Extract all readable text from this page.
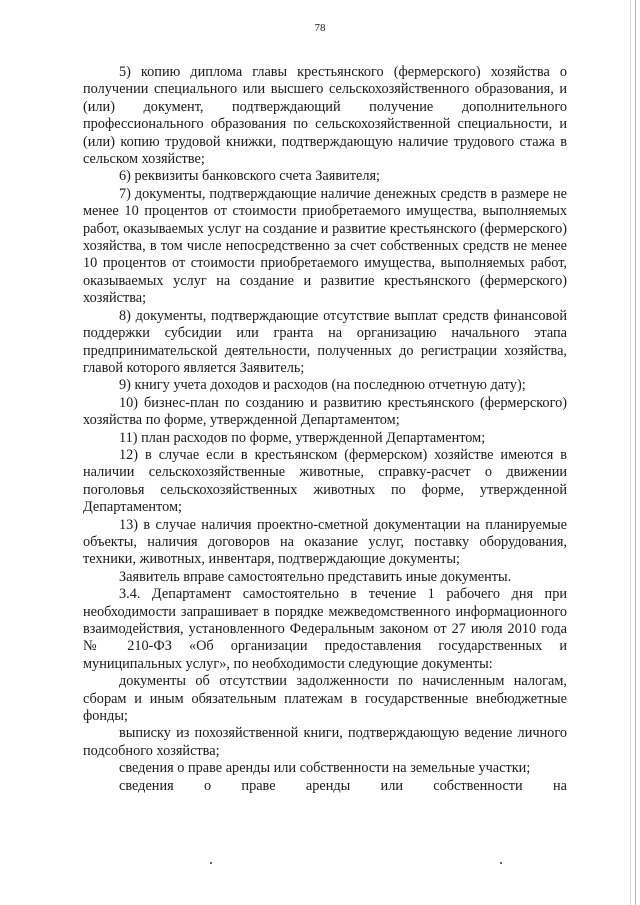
78

5) копию диплома главы крестьянского (фермерского) хозяйства о получении специального или высшего сельскохозяйственного образования, и (или) документ, подтверждающий получение дополнительного профессионального образования по сельскохозяйственной специальности, и (или) копию трудовой книжки, подтверждающую наличие трудового стажа в сельском хозяйстве;

6) реквизиты банковского счета Заявителя;

7) документы, подтверждающие наличие денежных средств в размере не менее 10 процентов от стоимости приобретаемого имущества, выполняемых работ, оказываемых услуг на создание и развитие крестьянского (фермерского) хозяйства, в том числе непосредственно за счет собственных средств не менее 10 процентов от стоимости приобретаемого имущества, выполняемых работ, оказываемых услуг на создание и развитие крестьянского (фермерского) хозяйства;

8) документы, подтверждающие отсутствие выплат средств финансовой поддержки субсидии или гранта на организацию начального этапа предпринимательской деятельности, полученных до регистрации хозяйства, главой которого является Заявитель;

9) книгу учета доходов и расходов (на последнюю отчетную дату);

10) бизнес-план по созданию и развитию крестьянского (фермерского) хозяйства по форме, утвержденной Департаментом;

11) план расходов по форме, утвержденной Департаментом;

12) в случае если в крестьянском (фермерском) хозяйстве имеются в наличии сельскохозяйственные животные, справку-расчет о движении поголовья сельскохозяйственных животных по форме, утвержденной Департаментом;

13) в случае наличия проектно-сметной документации на планируемые объекты, наличия договоров на оказание услуг, поставку оборудования, техники, животных, инвентаря, подтверждающие документы;

Заявитель вправе самостоятельно представить иные документы.

3.4. Департамент самостоятельно в течение 1 рабочего дня при необходимости запрашивает в порядке межведомственного информационного взаимодействия, установленного Федеральным законом от 27 июля 2010 года № 210-ФЗ «Об организации предоставления государственных и муниципальных услуг», по необходимости следующие документы:

документы об отсутствии задолженности по начисленным налогам, сборам и иным обязательным платежам в государственные внебюджетные фонды;

выписку из похозяйственной книги, подтверждающую ведение личного подсобного хозяйства;

сведения о праве аренды или собственности на земельные участки;

сведения о праве аренды или собственности на
